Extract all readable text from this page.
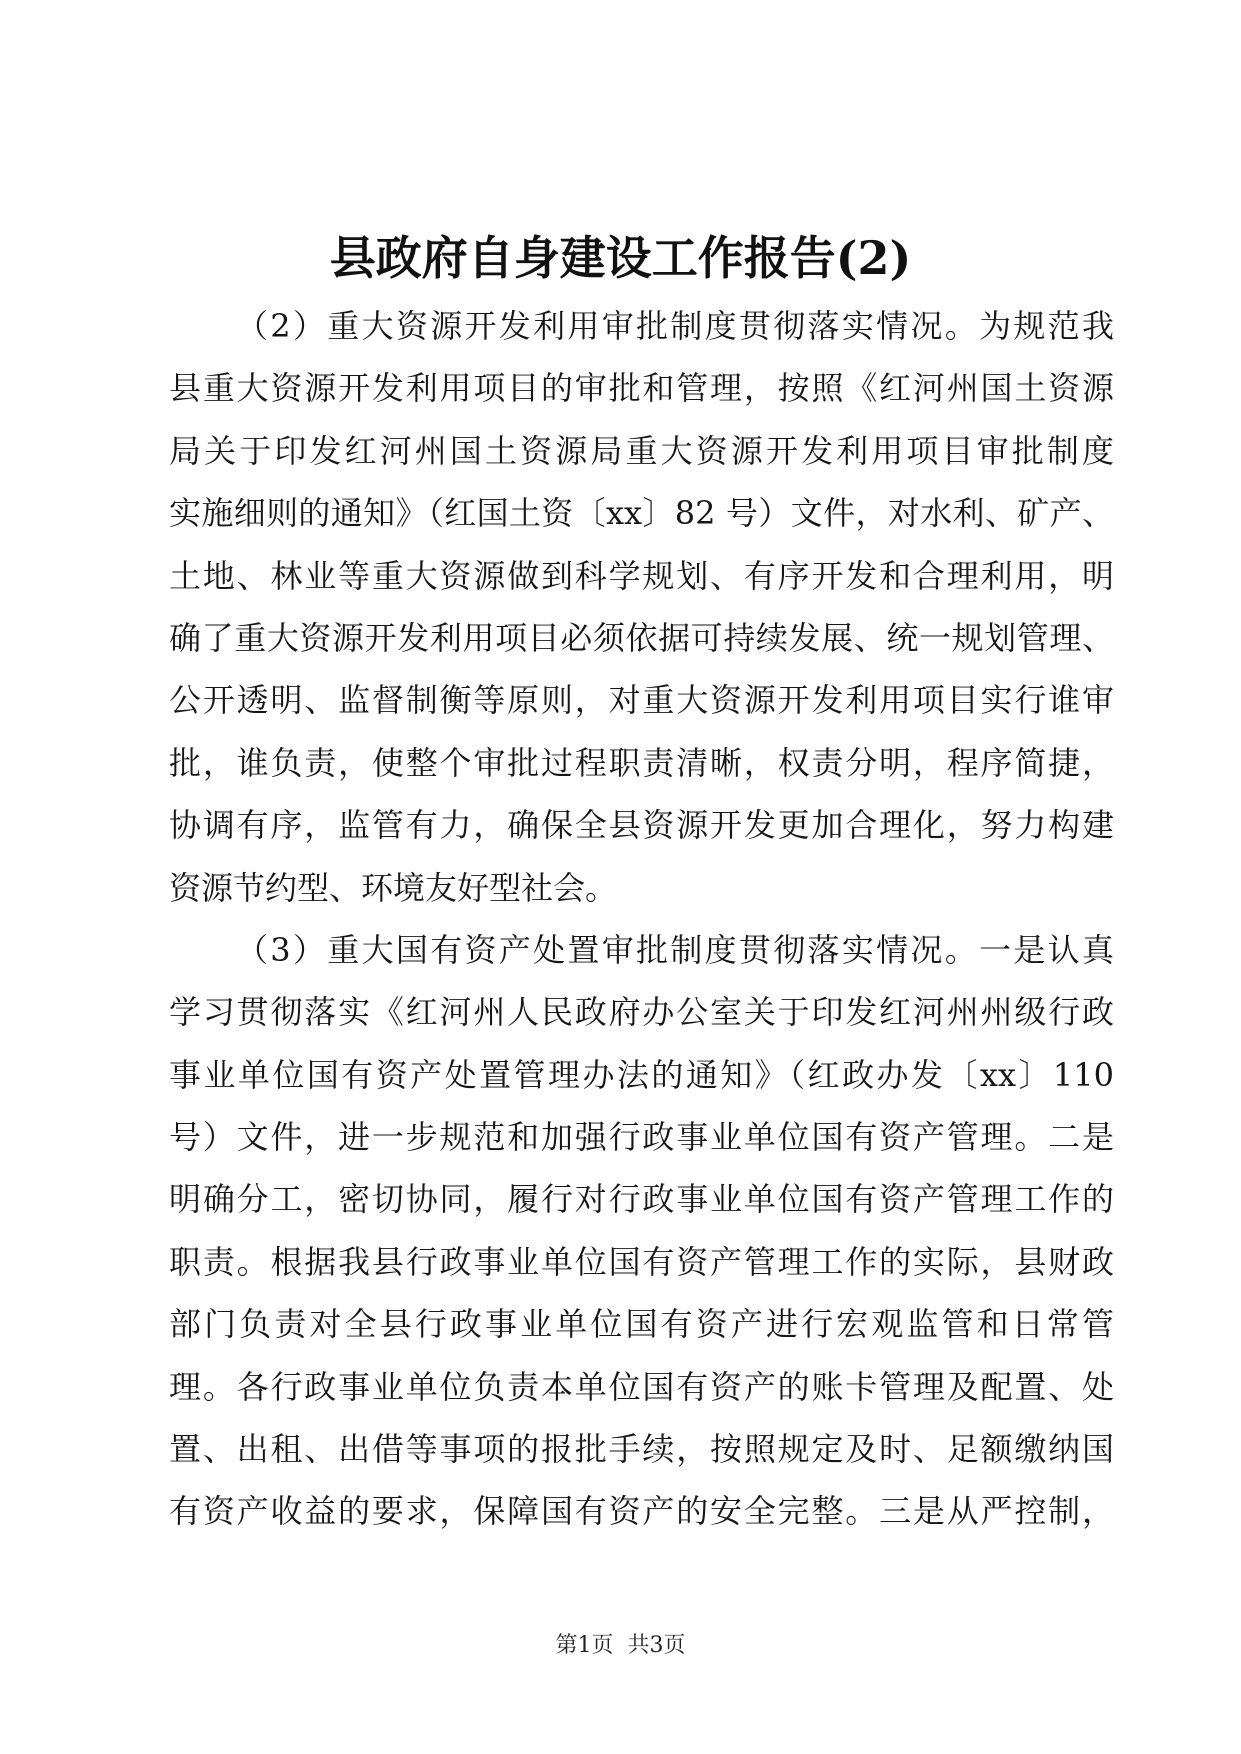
县政府自身建设工作报告(2)
（2）重大资源开发利用审批制度贯彻落实情况。为规范我
县重大资源开发利用项目的审批和管理，按照《红河州国土资源
局关于印发红河州国土资源局重大资源开发利用项目审批制度
实施细则的通知》（红国土资〔xx〕82 号）文件，对水利、矿产、
土地、林业等重大资源做到科学规划、有序开发和合理利用，明
确了重大资源开发利用项目必须依据可持续发展、统一规划管理、
公开透明、监督制衡等原则，对重大资源开发利用项目实行谁审
批，谁负责，使整个审批过程职责清晰，权责分明，程序简捷，
协调有序，监管有力，确保全县资源开发更加合理化，努力构建
资源节约型、环境友好型社会。
（3）重大国有资产处置审批制度贯彻落实情况。一是认真
学习贯彻落实《红河州人民政府办公室关于印发红河州州级行政
事业单位国有资产处置管理办法的通知》（红政办发〔xx〕110
号）文件，进一步规范和加强行政事业单位国有资产管理。二是
明确分工，密切协同，履行对行政事业单位国有资产管理工作的
职责。根据我县行政事业单位国有资产管理工作的实际，县财政
部门负责对全县行政事业单位国有资产进行宏观监管和日常管
理。各行政事业单位负责本单位国有资产的账卡管理及配置、处
置、出租、出借等事项的报批手续，按照规定及时、足额缴纳国
有资产收益的要求，保障国有资产的安全完整。三是从严控制，
第1页  共3页
